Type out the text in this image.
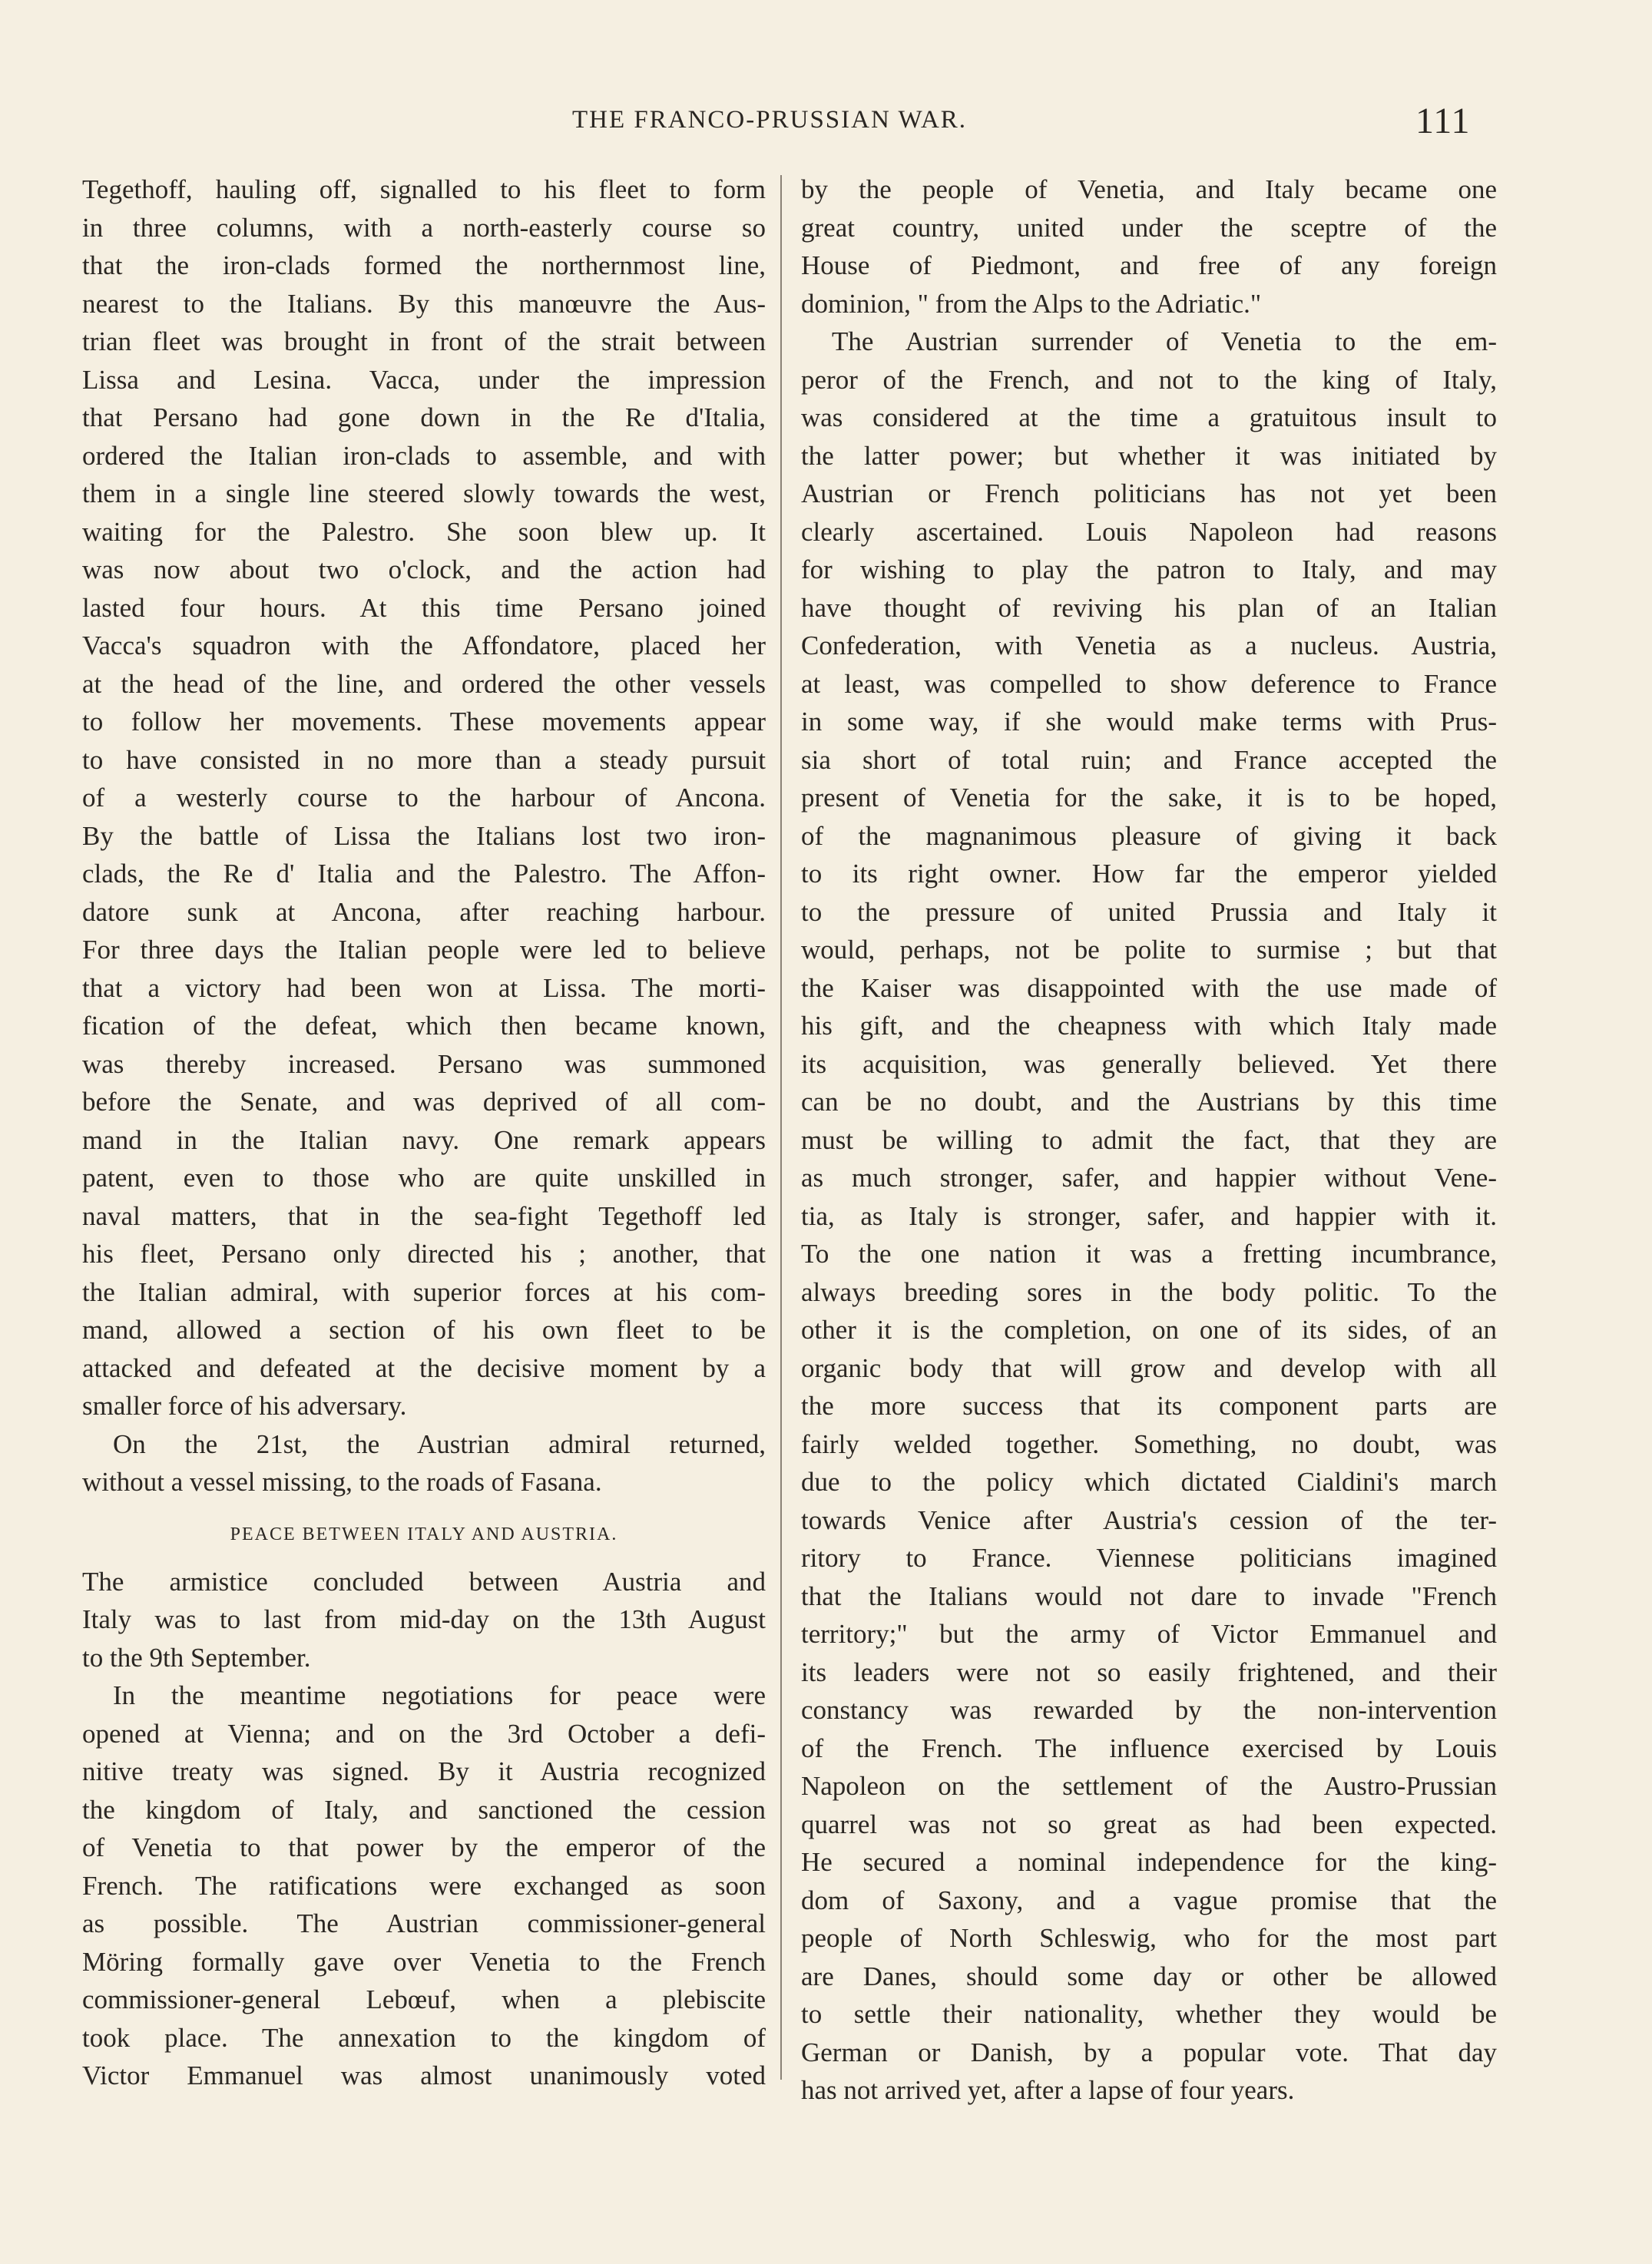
THE FRANCO-PRUSSIAN WAR.	111
Tegethoff, hauling off, signalled to his fleet to form
in three columns, with a north-easterly course so
that the iron-clads formed the northernmost line,
nearest to the Italians. By this manœuvre the Aus-
trian fleet was brought in front of the strait between
Lissa and Lesina. Vacca, under the impression
that Persano had gone down in the Re d'Italia,
ordered the Italian iron-clads to assemble, and with
them in a single line steered slowly towards the west,
waiting for the Palestro. She soon blew up. It
was now about two o'clock, and the action had
lasted four hours. At this time Persano joined
Vacca's squadron with the Affondatore, placed her
at the head of the line, and ordered the other vessels
to follow her movements. These movements appear
to have consisted in no more than a steady pursuit
of a westerly course to the harbour of Ancona.
By the battle of Lissa the Italians lost two iron-
clads, the Re d' Italia and the Palestro. The Affon-
datore sunk at Ancona, after reaching harbour.
For three days the Italian people were led to believe
that a victory had been won at Lissa. The morti-
fication of the defeat, which then became known,
was thereby increased. Persano was summoned
before the Senate, and was deprived of all com-
mand in the Italian navy. One remark appears
patent, even to those who are quite unskilled in
naval matters, that in the sea-fight Tegethoff led
his fleet, Persano only directed his ; another, that
the Italian admiral, with superior forces at his com-
mand, allowed a section of his own fleet to be
attacked and defeated at the decisive moment by a
smaller force of his adversary.
On the 21st, the Austrian admiral returned,
without a vessel missing, to the roads of Fasana.
PEACE BETWEEN ITALY AND AUSTRIA.
The armistice concluded between Austria and
Italy was to last from mid-day on the 13th August
to the 9th September.
In the meantime negotiations for peace were
opened at Vienna; and on the 3rd October a defi-
nitive treaty was signed. By it Austria recognized
the kingdom of Italy, and sanctioned the cession
of Venetia to that power by the emperor of the
French. The ratifications were exchanged as soon
as possible. The Austrian commissioner-general
Möring formally gave over Venetia to the French
commissioner-general Lebœuf, when a plebiscite
took place. The annexation to the kingdom of
Victor Emmanuel was almost unanimously voted
by the people of Venetia, and Italy became one
great country, united under the sceptre of the
House of Piedmont, and free of any foreign
dominion, " from the Alps to the Adriatic."
The Austrian surrender of Venetia to the em-
peror of the French, and not to the king of Italy,
was considered at the time a gratuitous insult to
the latter power; but whether it was initiated by
Austrian or French politicians has not yet been
clearly ascertained. Louis Napoleon had reasons
for wishing to play the patron to Italy, and may
have thought of reviving his plan of an Italian
Confederation, with Venetia as a nucleus. Austria,
at least, was compelled to show deference to France
in some way, if she would make terms with Prus-
sia short of total ruin; and France accepted the
present of Venetia for the sake, it is to be hoped,
of the magnanimous pleasure of giving it back
to its right owner. How far the emperor yielded
to the pressure of united Prussia and Italy it
would, perhaps, not be polite to surmise ; but that
the Kaiser was disappointed with the use made of
his gift, and the cheapness with which Italy made
its acquisition, was generally believed. Yet there
can be no doubt, and the Austrians by this time
must be willing to admit the fact, that they are
as much stronger, safer, and happier without Vene-
tia, as Italy is stronger, safer, and happier with it.
To the one nation it was a fretting incumbrance,
always breeding sores in the body politic. To the
other it is the completion, on one of its sides, of an
organic body that will grow and develop with all
the more success that its component parts are
fairly welded together. Something, no doubt, was
due to the policy which dictated Cialdini's march
towards Venice after Austria's cession of the ter-
ritory to France. Viennese politicians imagined
that the Italians would not dare to invade "French
territory;" but the army of Victor Emmanuel and
its leaders were not so easily frightened, and their
constancy was rewarded by the non-intervention
of the French. The influence exercised by Louis
Napoleon on the settlement of the Austro-Prussian
quarrel was not so great as had been expected.
He secured a nominal independence for the king-
dom of Saxony, and a vague promise that the
people of North Schleswig, who for the most part
are Danes, should some day or other be allowed
to settle their nationality, whether they would be
German or Danish, by a popular vote. That day
has not arrived yet, after a lapse of four years.
